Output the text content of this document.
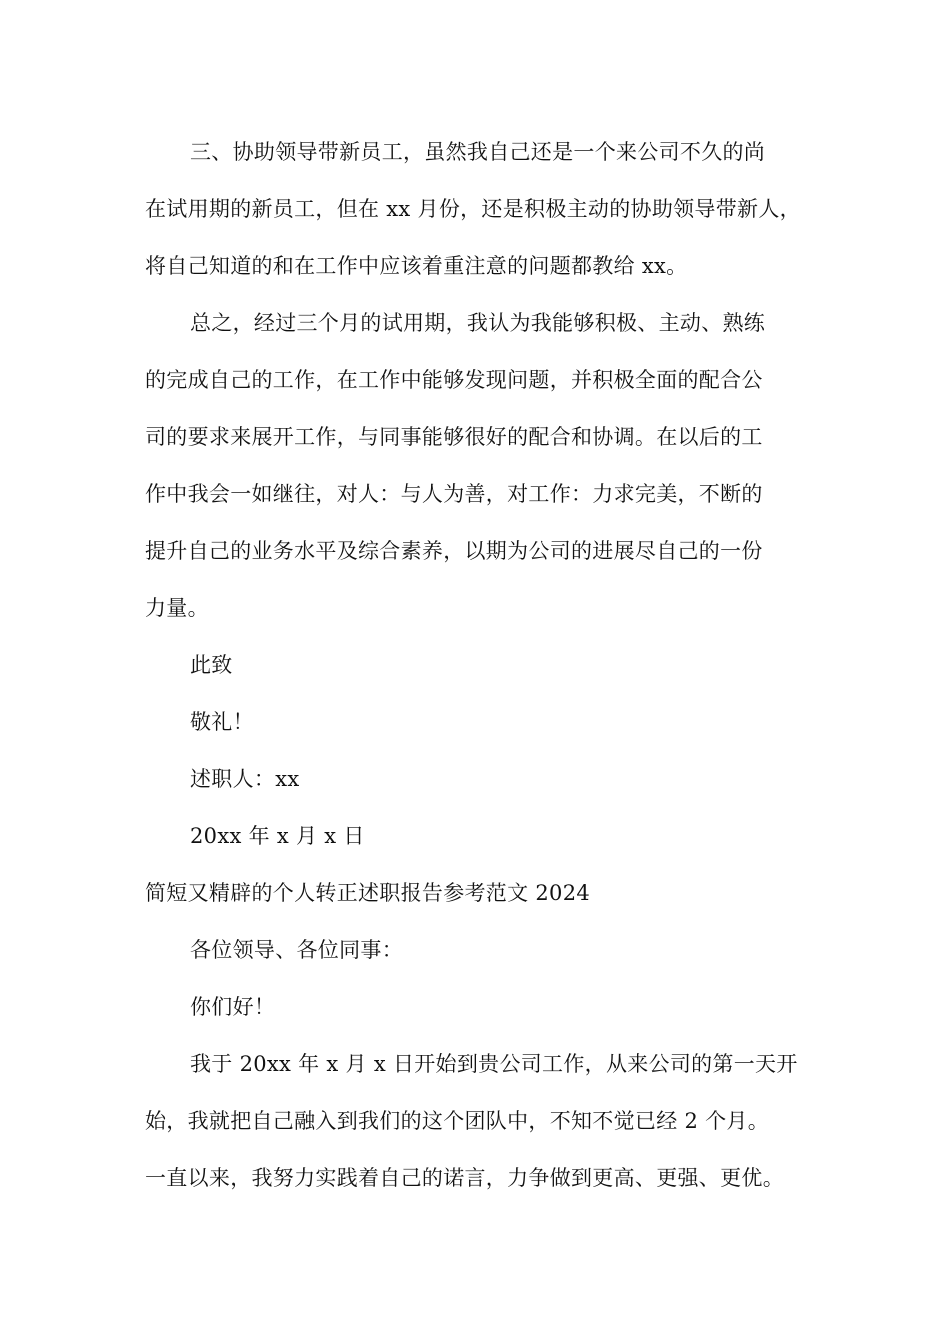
三、协助领导带新员工，虽然我自己还是一个来公司不久的尚
在试用期的新员工，但在 xx 月份，还是积极主动的协助领导带新人，
将自己知道的和在工作中应该着重注意的问题都教给 xx。
总之，经过三个月的试用期，我认为我能够积极、主动、熟练
的完成自己的工作，在工作中能够发现问题，并积极全面的配合公
司的要求来展开工作，与同事能够很好的配合和协调。在以后的工
作中我会一如继往，对人：与人为善，对工作：力求完美，不断的
提升自己的业务水平及综合素养，以期为公司的进展尽自己的一份
力量。
此致
敬礼！
述职人：xx
20xx 年 x 月 x 日
简短又精辟的个人转正述职报告参考范文 2024
各位领导、各位同事：
你们好！
我于 20xx 年 x 月 x 日开始到贵公司工作，从来公司的第一天开
始，我就把自己融入到我们的这个团队中，不知不觉已经 2 个月。
一直以来，我努力实践着自己的诺言，力争做到更高、更强、更优。
